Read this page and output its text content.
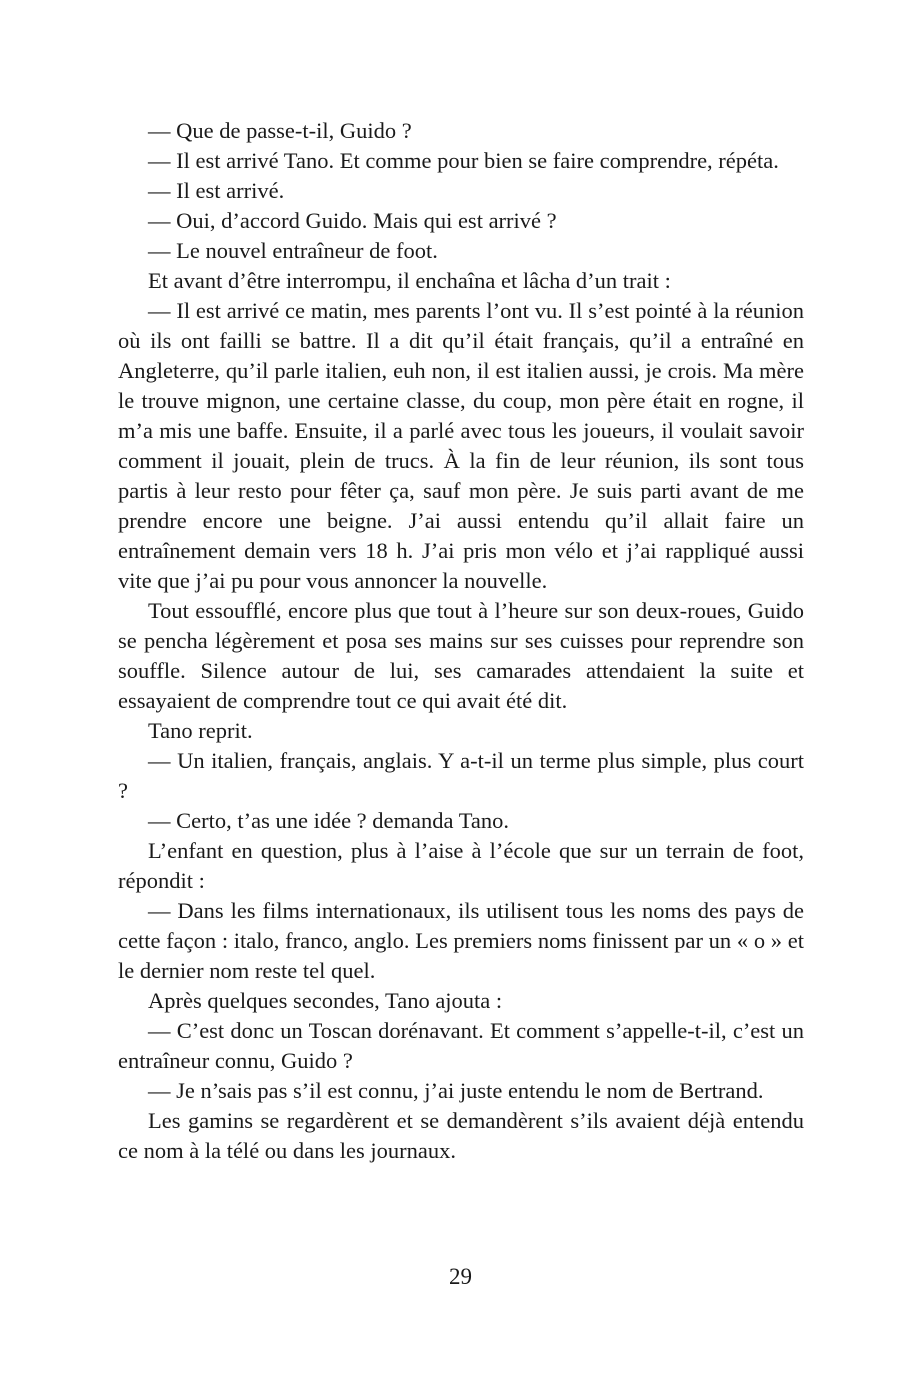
— Que de passe-t-il, Guido ?

— Il est arrivé Tano. Et comme pour bien se faire comprendre, répéta.

— Il est arrivé.

— Oui, d’accord Guido. Mais qui est arrivé ?

— Le nouvel entraîneur de foot.

Et avant d’être interrompu, il enchaîna et lâcha d’un trait :

— Il est arrivé ce matin, mes parents l’ont vu. Il s’est pointé à la réunion où ils ont failli se battre. Il a dit qu’il était français, qu’il a entraîné en Angleterre, qu’il parle italien, euh non, il est italien aussi, je crois. Ma mère le trouve mignon, une certaine classe, du coup, mon père était en rogne, il m’a mis une baffe. Ensuite, il a parlé avec tous les joueurs, il voulait savoir comment il jouait, plein de trucs. À la fin de leur réunion, ils sont tous partis à leur resto pour fêter ça, sauf mon père. Je suis parti avant de me prendre encore une beigne. J’ai aussi entendu qu’il allait faire un entraînement demain vers 18 h. J’ai pris mon vélo et j’ai rappliqué aussi vite que j’ai pu pour vous annoncer la nouvelle.

Tout essoufflé, encore plus que tout à l’heure sur son deux-roues, Guido se pencha légèrement et posa ses mains sur ses cuisses pour reprendre son souffle. Silence autour de lui, ses camarades attendaient la suite et essayaient de comprendre tout ce qui avait été dit.

Tano reprit.

— Un italien, français, anglais. Y a-t-il un terme plus simple, plus court ?

— Certo, t’as une idée ? demanda Tano.

L’enfant en question, plus à l’aise à l’école que sur un terrain de foot, répondit :

— Dans les films internationaux, ils utilisent tous les noms des pays de cette façon : italo, franco, anglo. Les premiers noms finissent par un « o » et le dernier nom reste tel quel.

Après quelques secondes, Tano ajouta :

— C’est donc un Toscan dorénavant. Et comment s’appelle-t-il, c’est un entraîneur connu, Guido ?

— Je n’sais pas s’il est connu, j’ai juste entendu le nom de Bertrand.

Les gamins se regardèrent et se demandèrent s’ils avaient déjà entendu ce nom à la télé ou dans les journaux.

29
